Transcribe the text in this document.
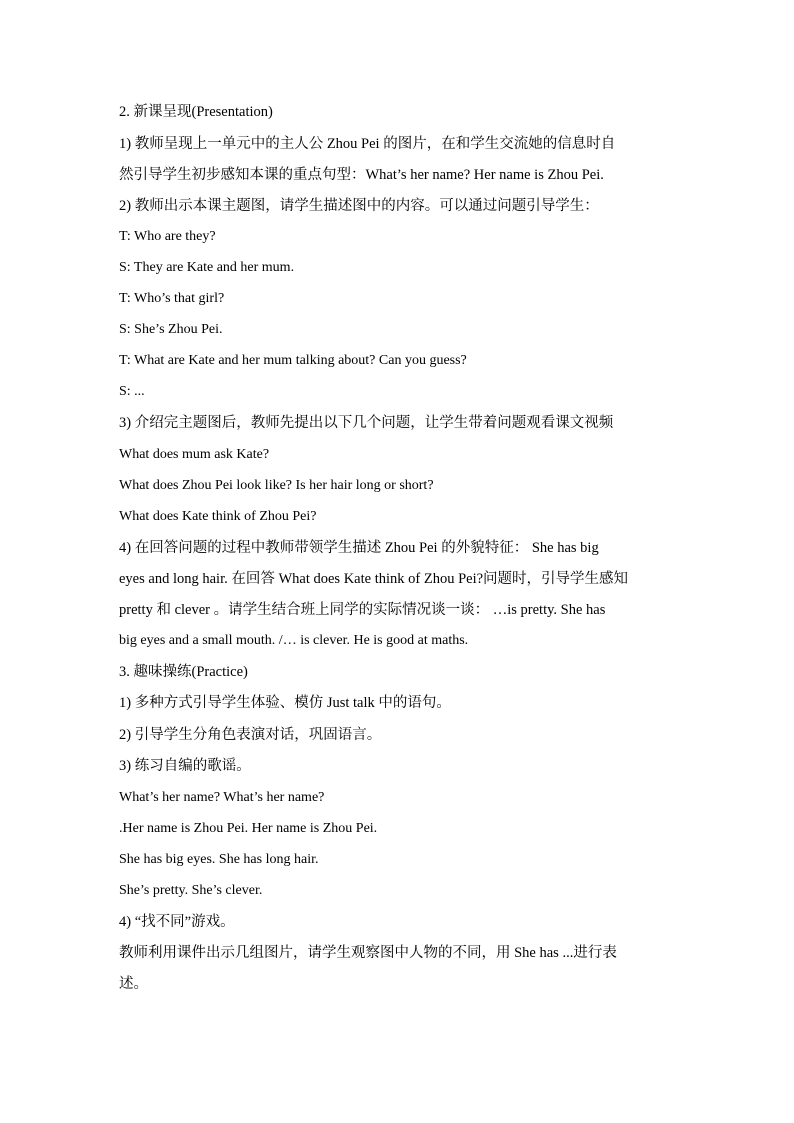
2. 新课呈现(Presentation)
1) 教师呈现上一单元中的主人公 Zhou Pei 的图片，在和学生交流她的信息时自
然引导学生初步感知本课的重点句型：What’s her name? Her name is Zhou Pei.
2) 教师出示本课主题图，请学生描述图中的内容。可以通过问题引导学生：
T: Who are they?
S: They are Kate and her mum.
T: Who’s that girl?
S: She’s Zhou Pei.
T: What are Kate and her mum talking about? Can you guess?
S: ...
3) 介绍完主题图后，教师先提出以下几个问题，让学生带着问题观看课文视频
What does mum ask Kate?
What does Zhou Pei look like? Is her hair long or short?
What does Kate think of Zhou Pei?
4) 在回答问题的过程中教师带领学生描述 Zhou Pei 的外貌特征： She has big
eyes and long hair. 在回答 What does Kate think of Zhou Pei?问题时，引导学生感知
pretty 和 clever 。请学生结合班上同学的实际情况谈一谈： …is pretty. She has
big eyes and a small mouth. /… is clever. He is good at maths.
3. 趣味操练(Practice)
1) 多种方式引导学生体验、模仿 Just talk 中的语句。
2) 引导学生分角色表演对话，巩固语言。
3) 练习自编的歌谣。
What’s her name? What’s her name?
.Her name is Zhou Pei. Her name is Zhou Pei.
She has big eyes. She has long hair.
She’s pretty. She’s clever.
4) “找不同”游戏。
教师利用课件出示几组图片，请学生观察图中人物的不同，用 She has ...进行表
述。
